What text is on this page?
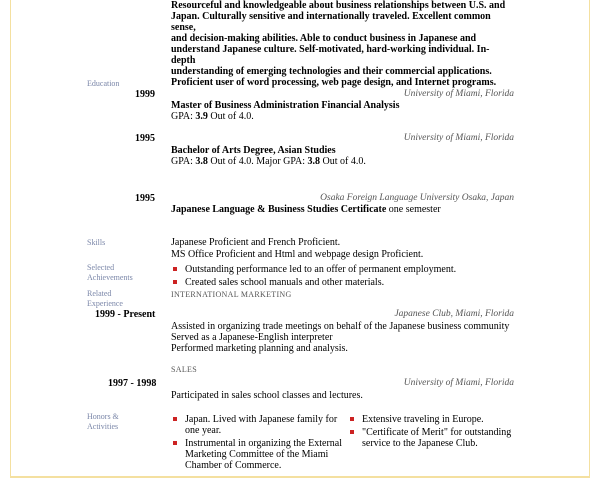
Resourceful and knowledgeable about business relationships between U.S. and
Japan. Culturally sensitive and internationally traveled. Excellent common sense,
and decision-making abilities. Able to conduct business in Japanese and
understand Japanese culture. Self-motivated, hard-working individual. In-depth
understanding of emerging technologies and their commercial applications.
Proficient user of word processing, web page design, and Internet programs.
Education
1999	University of Miami, Florida
Master of Business Administration Financial Analysis
GPA: 3.9 Out of 4.0.
1995	University of Miami, Florida
Bachelor of Arts Degree, Asian Studies
GPA: 3.8 Out of 4.0. Major GPA: 3.8 Out of 4.0.
1995	Osaka Foreign Language University Osaka, Japan
Japanese Language & Business Studies Certificate one semester
Skills	Japanese Proficient and French Proficient.
MS Office Proficient and Html and webpage design Proficient.
Selected
Achievements
Outstanding performance led to an offer of permanent employment.
Created sales school manuals and other materials.
Related
Experience
INTERNATIONAL MARKETING
1999 - Present	Japanese Club, Miami, Florida
Assisted in organizing trade meetings on behalf of the Japanese business community
Served as a Japanese-English interpreter
Performed marketing planning and analysis.
SALES
1997 - 1998	University of Miami, Florida
Participated in sales school classes and lectures.
Honors &
Activities
Japan. Lived with Japanese family for
one year.
Instrumental in organizing the External
Marketing Committee of the Miami
Chamber of Commerce.
Extensive traveling in Europe.
"Certificate of Merit" for outstanding
service to the Japanese Club.
